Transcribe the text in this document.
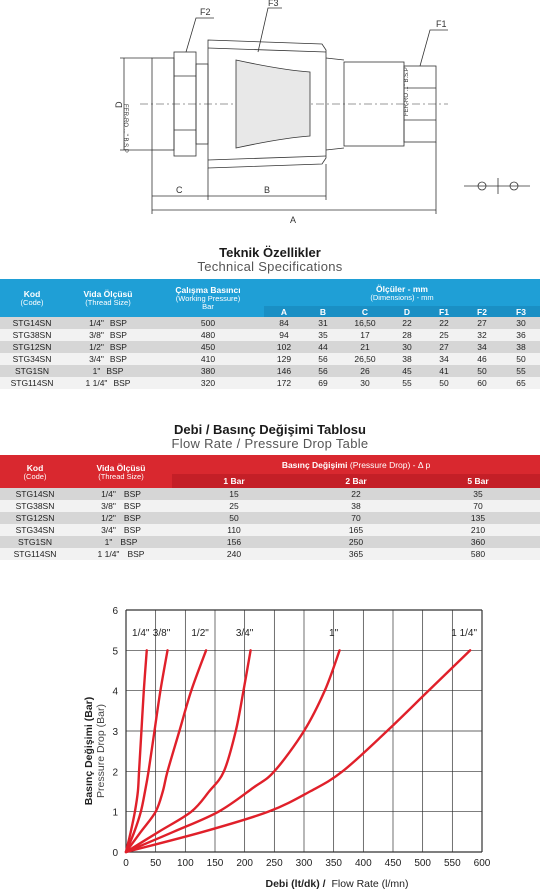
F2
F3
F1
C	B
A
D
FER-RO ..." B.S.P
FER-RO ..." B.S.P
Teknik Özellikler
Technical Specifications
Kod
(Code)	Vida Ölçüsü
(Thread Size)	Çalışma Basıncı
(Working Pressure)
Bar	Ölçüler - mm
(Dimensions) - mm						

			A	B	C	D	F1	F2	F3
STG14SN	1/4" BSP	500	84	31	16,50	22	22	27	30
STG38SN	3/8" BSP	480	94	35	17	28	25	32	36
STG12SN	1/2" BSP	450	102	44	21	30	27	34	38
STG34SN	3/4" BSP	410	129	56	26,50	38	34	46	50
STG1SN	1" BSP	380	146	56	26	45	41	50	55
STG114SN	1 1/4" BSP	320	172	69	30	55	50	60	65
Debi / Basınç Değişimi Tablosu
Flow Rate / Pressure Drop Table
Kod
(Code)	Vida Ölçüsü
(Thread Size)	Basınç Değişimi (Pressure Drop) - Δ p		
		1 Bar	2 Bar	5 Bar
STG14SN	1/4" BSP	15	22	35
STG38SN	3/8" BSP	25	38	70
STG12SN	1/2" BSP	50	70	135
STG34SN	3/4" BSP	110	165	210
STG1SN	1" BSP	156	250	360
STG114SN	1 1/4" BSP	240	365	580
0 50 100 150 200 250 300 350 400 450 500 550 600
0
1
2
3
4
5
6
1/4" 3/8" 1/2"	3/4"	1"	1 1/4"
Basınç Değişimi (Bar) Pressure Drop (Bar)
Debi (lt/dk) / Flow Rate (l/mn)
